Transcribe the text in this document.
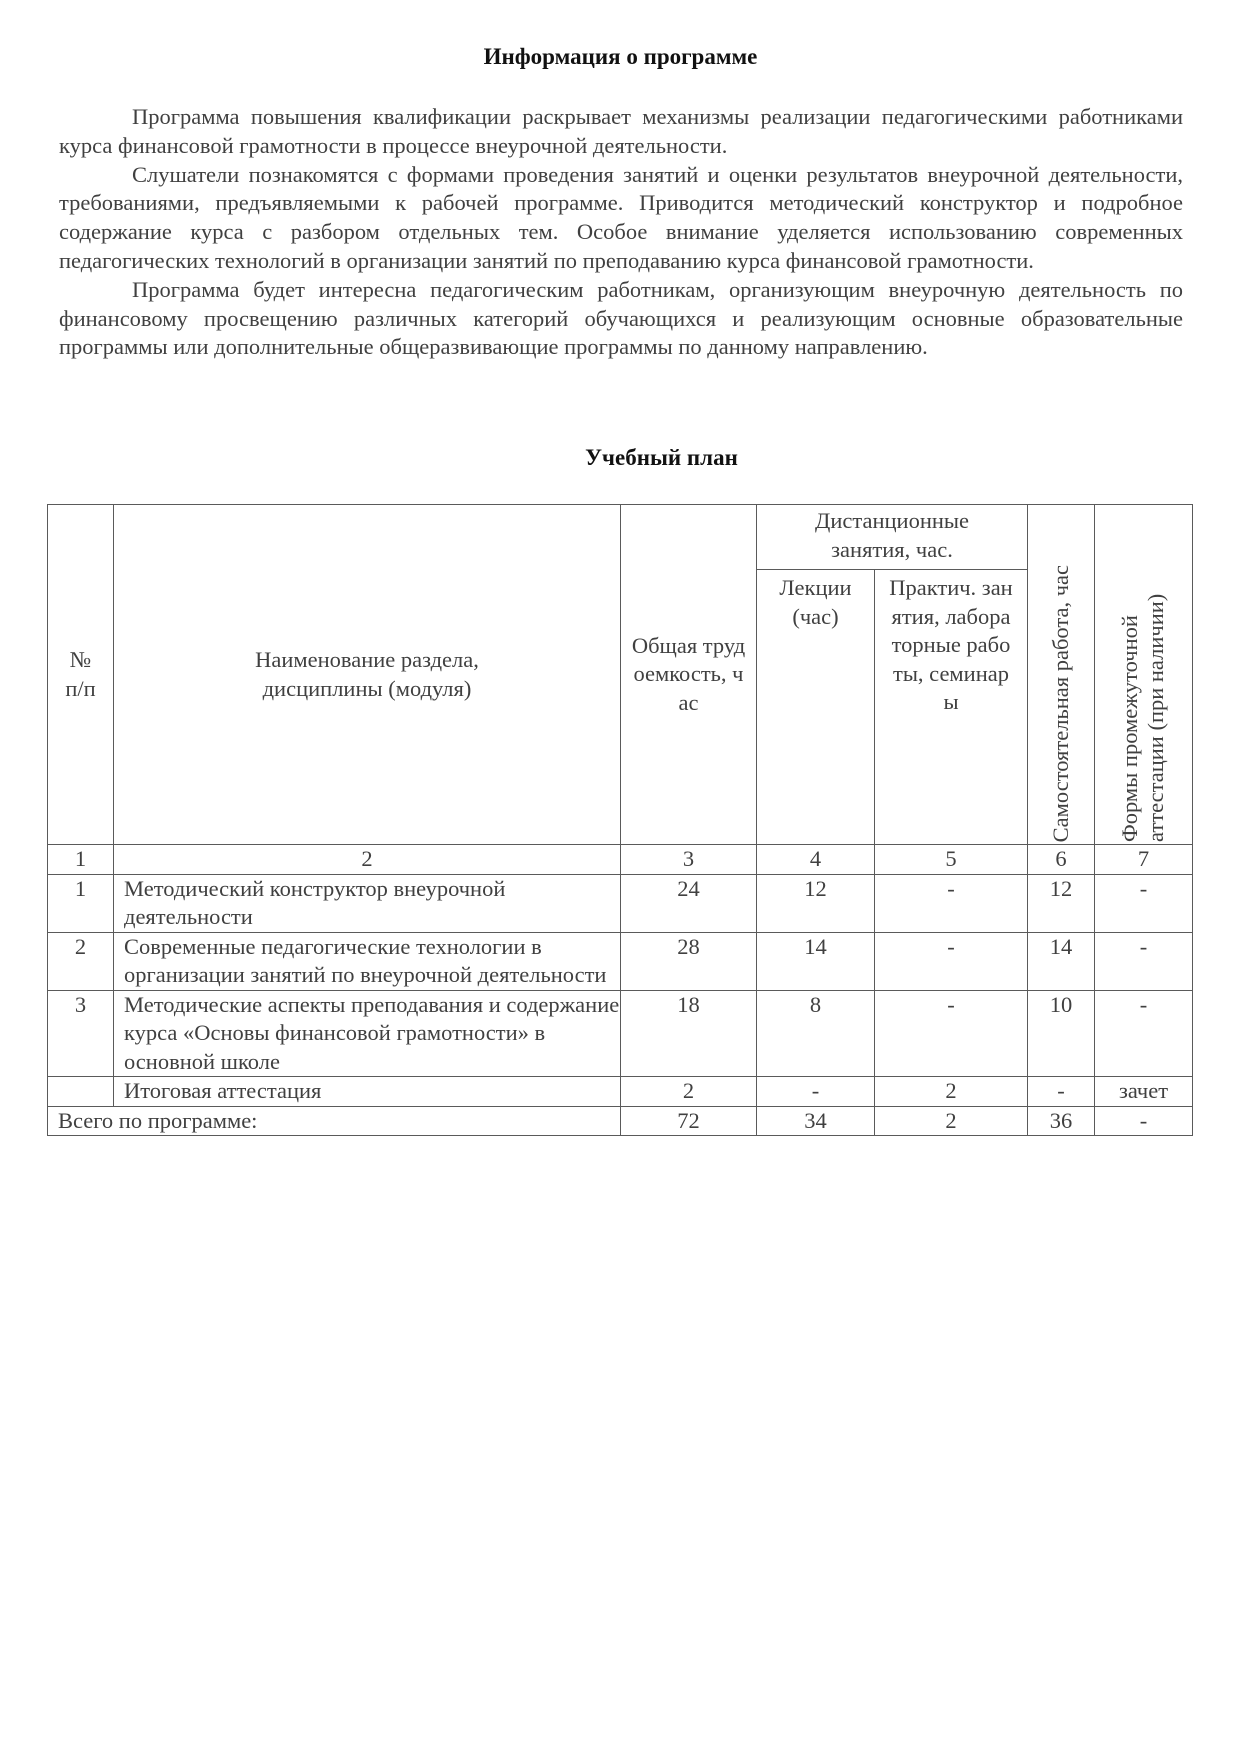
Информация о программе

Программа повышения квалификации раскрывает механизмы реализации педагогическими работниками курса финансовой грамотности в процессе внеурочной деятельности.

Слушатели познакомятся с формами проведения занятий и оценки результатов внеурочной деятельности, требованиями, предъявляемыми к рабочей программе. Приводится методический конструктор и подробное содержание курса с разбором отдельных тем. Особое внимание уделяется использованию современных педагогических технологий в организации занятий по преподаванию курса финансовой грамотности.

Программа будет интересна педагогическим работникам, организующим внеурочную деятельность по финансовому просвещению различных категорий обучающихся и реализующим основные образовательные программы или дополнительные общеразвивающие программы по данному направлению.

Учебный план
№ п/п	Наименование раздела, дисциплины (модуля)	Общая трудоемкость, час	Дистанционные занятия, час.		Самостоятельная работа, час	Формы промежуточной аттестации (при наличии)

			Лекции (час)	Практич. занятия, лабораторные работы, семинары		

1	2	3	4	5	6	7
1	Методический конструктор внеурочной деятельности	24	12	-	12	-
2	Современные педагогические технологии в организации занятий по внеурочной деятельности	28	14	-	14	-
3	Методические аспекты преподавания и содержание курса «Основы финансовой грамотности» в основной школе	18	8	-	10	-
	Итоговая аттестация	2	-	2	-	зачет
Всего по программе:		72	34	2	36	-
